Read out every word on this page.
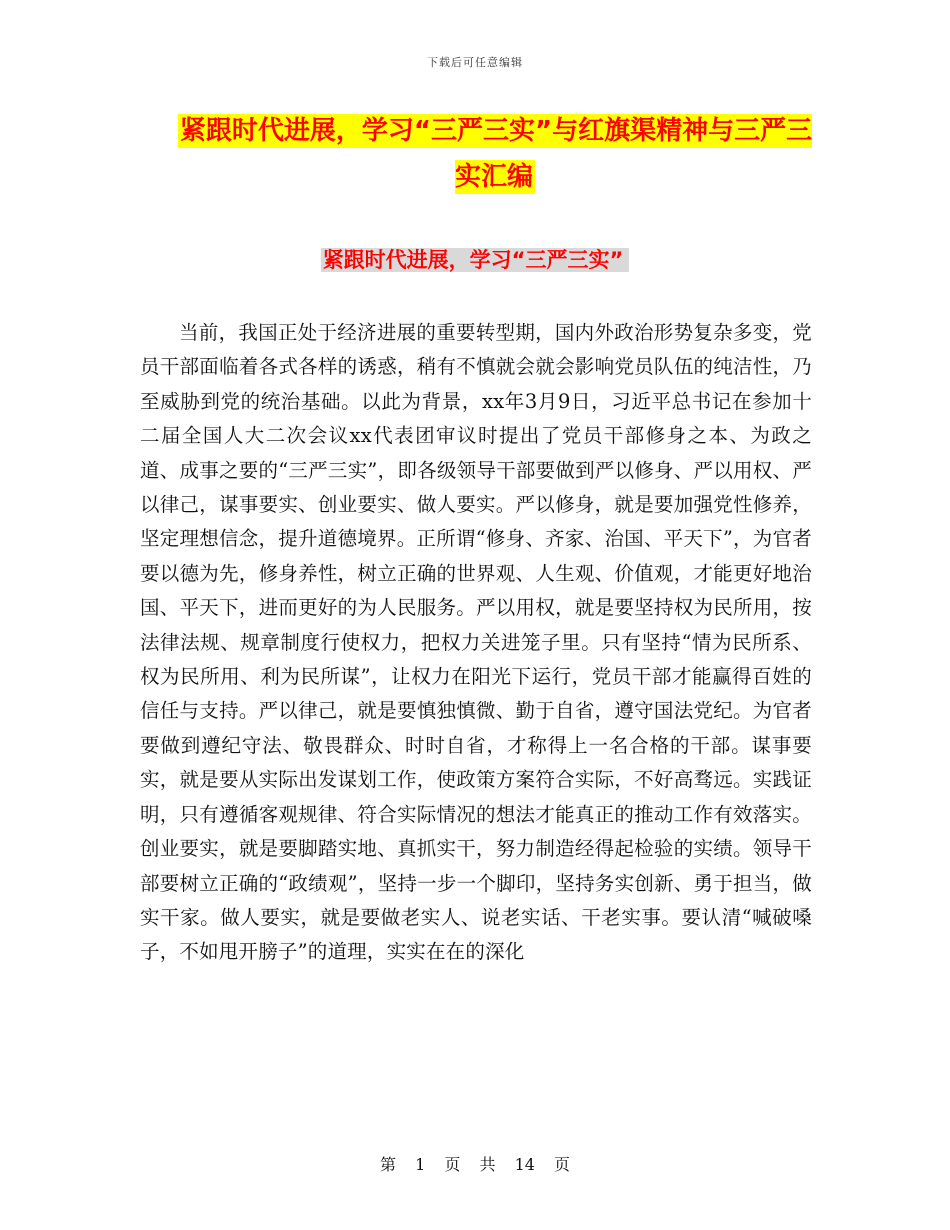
下载后可任意编辑
紧跟时代进展，学习“三严三实”与红旗渠精神与三严三实汇编
紧跟时代进展，学习“三严三实”

当前，我国正处于经济进展的重要转型期，国内外政治形势复杂多变，党员干部面临着各式各样的诱惑，稍有不慎就会就会影响党员队伍的纯洁性，乃至威胁到党的统治基础。以此为背景，xx年3月9日，习近平总书记在参加十二届全国人大二次会议xx代表团审议时提出了党员干部修身之本、为政之道、成事之要的“三严三实”，即各级领导干部要做到严以修身、严以用权、严以律己，谋事要实、创业要实、做人要实。严以修身，就是要加强党性修养，坚定理想信念，提升道德境界。正所谓“修身、齐家、治国、平天下”，为官者要以德为先，修身养性，树立正确的世界观、人生观、价值观，才能更好地治国、平天下，进而更好的为人民服务。严以用权，就是要坚持权为民所用，按法律法规、规章制度行使权力，把权力关进笼子里。只有坚持“情为民所系、权为民所用、利为民所谋”，让权力在阳光下运行，党员干部才能赢得百姓的信任与支持。严以律己，就是要慎独慎微、勤于自省，遵守国法党纪。为官者要做到遵纪守法、敬畏群众、时时自省，才称得上一名合格的干部。谋事要实，就是要从实际出发谋划工作，使政策方案符合实际，不好高骛远。实践证明，只有遵循客观规律、符合实际情况的想法才能真正的推动工作有效落实。创业要实，就是要脚踏实地、真抓实干，努力制造经得起检验的实绩。领导干部要树立正确的“政绩观”，坚持一步一个脚印，坚持务实创新、勇于担当，做实干家。做人要实，就是要做老实人、说老实话、干老实事。要认清“喊破嗓子，不如甩开膀子”的道理，实实在在的深化

第 1 页 共 14 页
